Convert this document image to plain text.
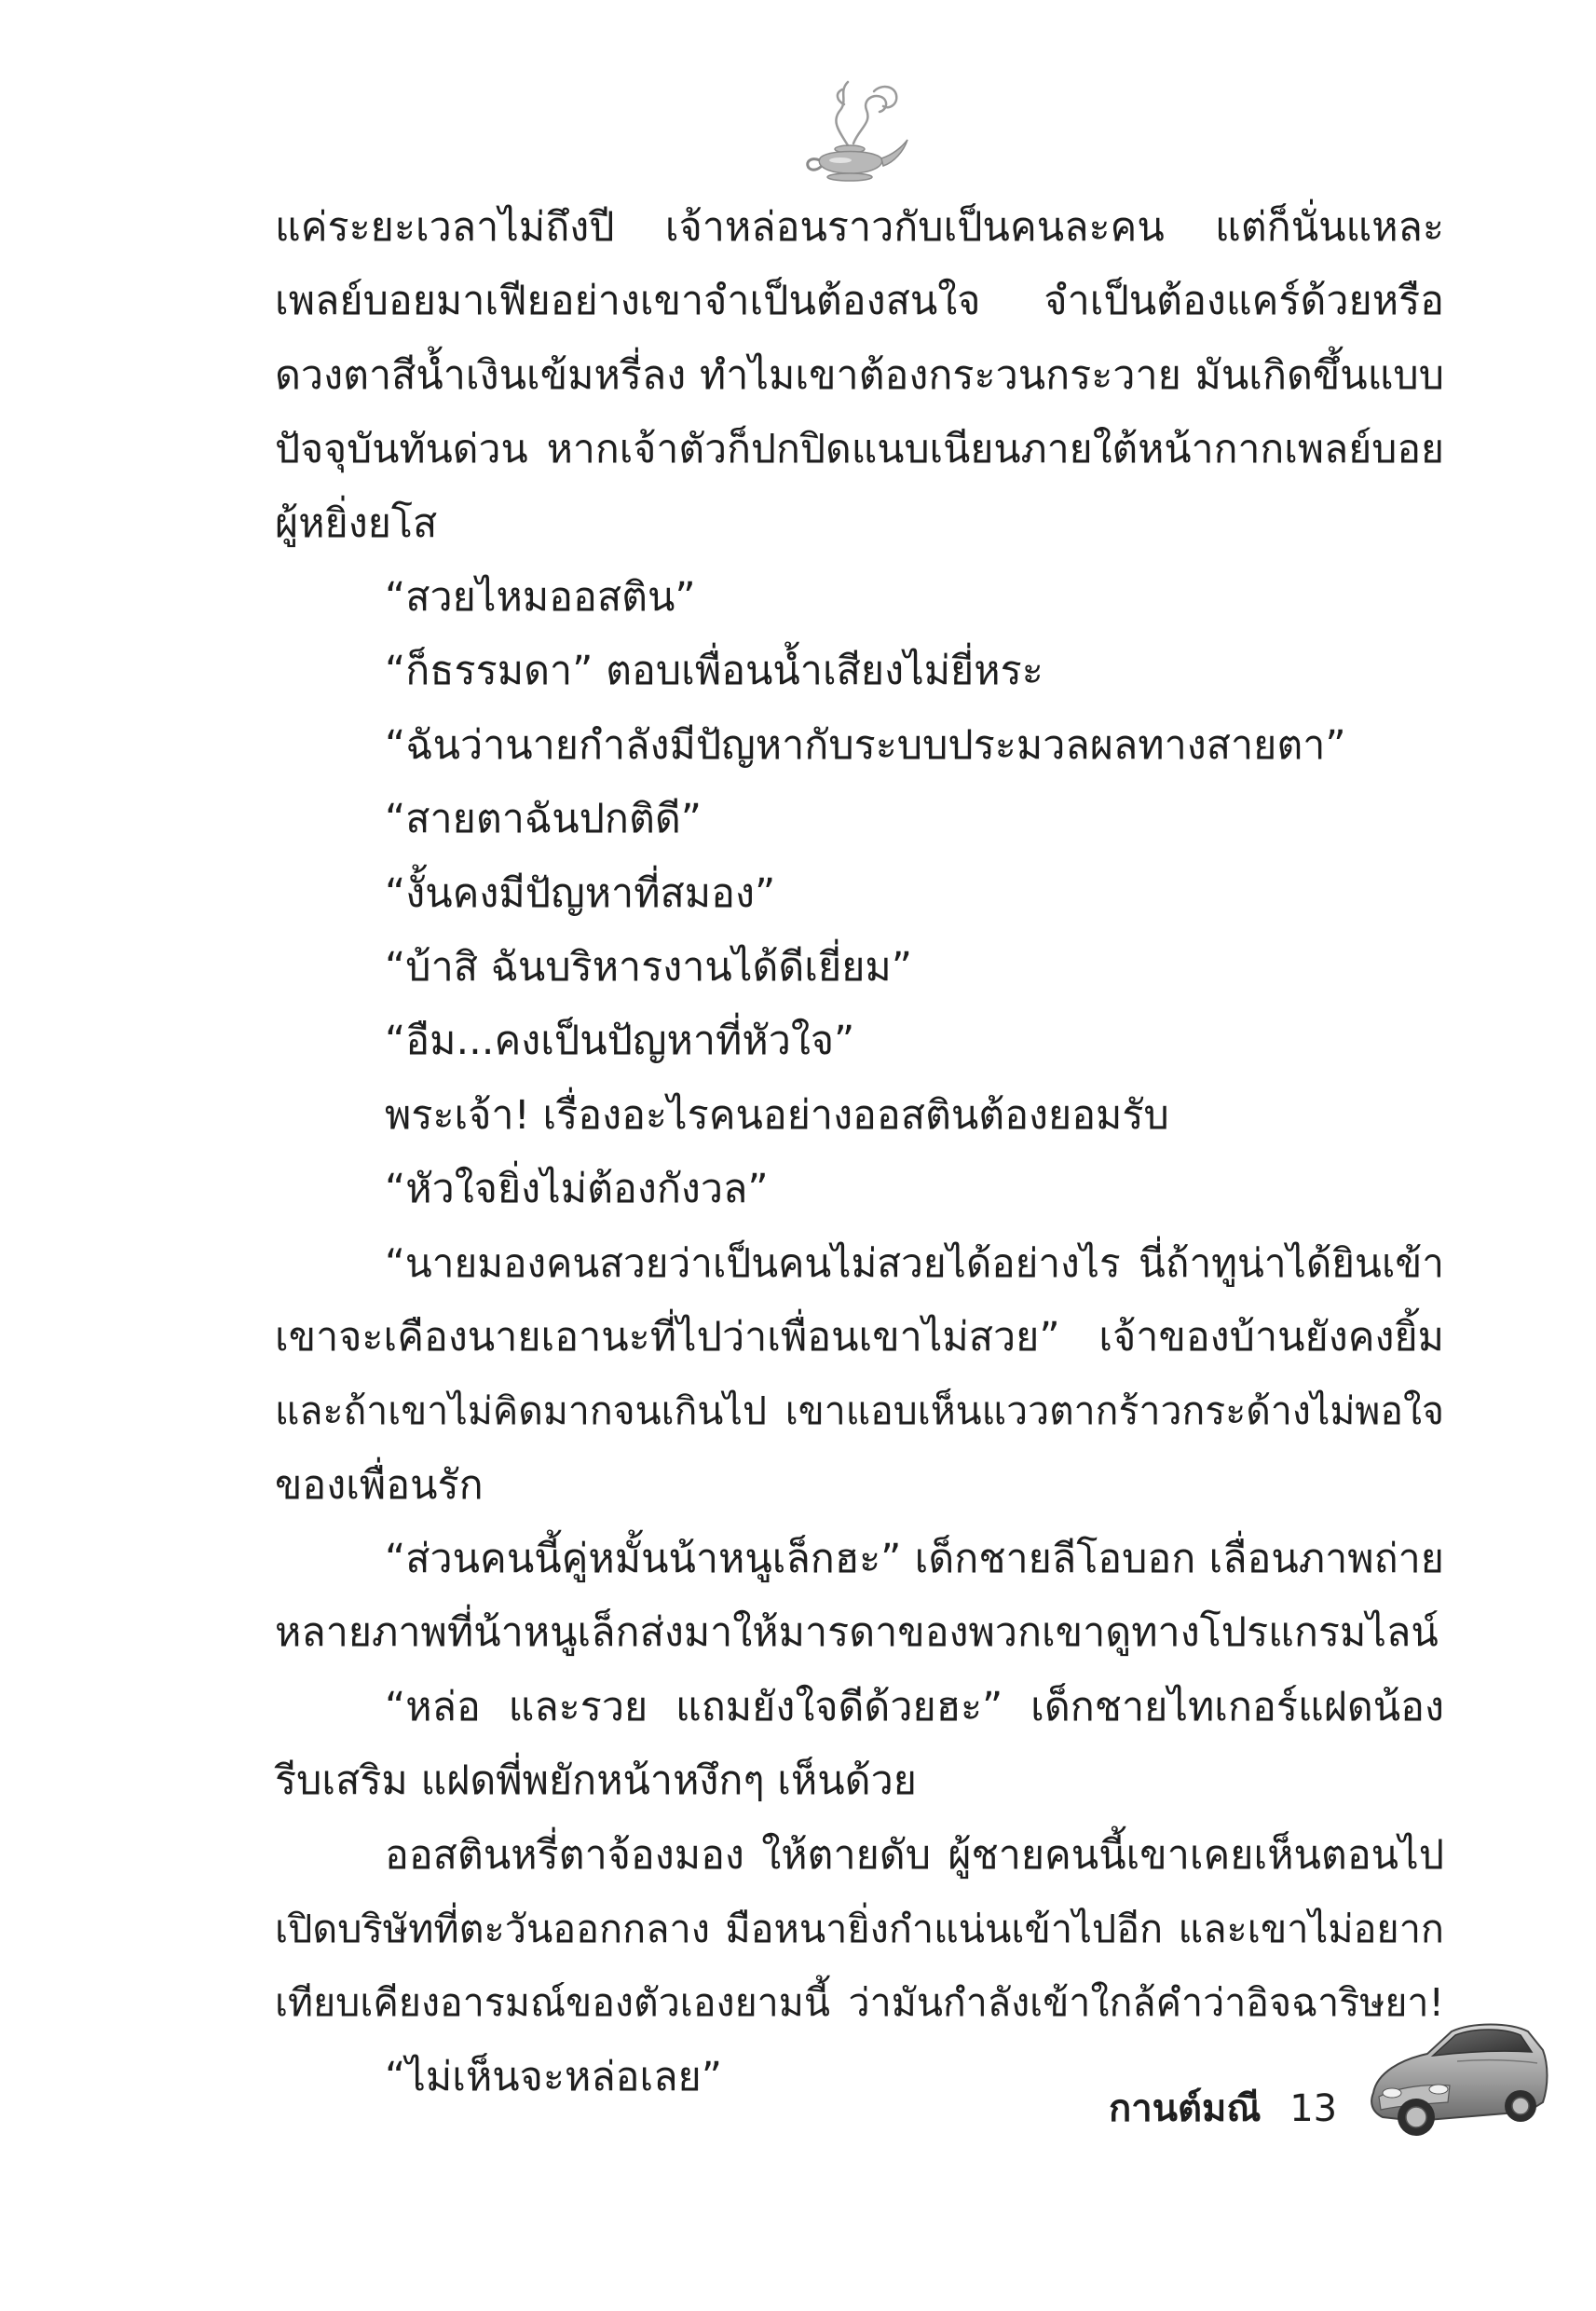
แค่ระยะเวลาไม่ถึงปี เจ้าหล่อนราวกับเป็นคนละคน แต่ก็นั่นแหละ
เพลย์บอยมาเฟียอย่างเขาจำเป็นต้องสนใจ จำเป็นต้องแคร์ด้วยหรือ
ดวงตาสีน้ำเงินเข้มหรี่ลง ทำไมเขาต้องกระวนกระวาย มันเกิดขึ้นแบบ
ปัจจุบันทันด่วน หากเจ้าตัวก็ปกปิดแนบเนียนภายใต้หน้ากากเพลย์บอย
ผู้หยิ่งยโส
“สวยไหมออสติน”
“ก็ธรรมดา” ตอบเพื่อนน้ำเสียงไม่ยี่หระ
“ฉันว่านายกำลังมีปัญหากับระบบประมวลผลทางสายตา”
“สายตาฉันปกติดี”
“งั้นคงมีปัญหาที่สมอง”
“บ้าสิ ฉันบริหารงานได้ดีเยี่ยม”
“อืม...คงเป็นปัญหาที่หัวใจ”
พระเจ้า! เรื่องอะไรคนอย่างออสตินต้องยอมรับ
“หัวใจยิ่งไม่ต้องกังวล”
“นายมองคนสวยว่าเป็นคนไม่สวยได้อย่างไร นี่ถ้าทูน่าได้ยินเข้า
เขาจะเคืองนายเอานะที่ไปว่าเพื่อนเขาไม่สวย” เจ้าของบ้านยังคงยิ้ม
และถ้าเขาไม่คิดมากจนเกินไป เขาแอบเห็นแววตากร้าวกระด้างไม่พอใจ
ของเพื่อนรัก
“ส่วนคนนี้คู่หมั้นน้าหนูเล็กฮะ” เด็กชายลีโอบอก เลื่อนภาพถ่าย
หลายภาพที่น้าหนูเล็กส่งมาให้มารดาของพวกเขาดูทางโปรแกรมไลน์
“หล่อ และรวย แถมยังใจดีด้วยฮะ” เด็กชายไทเกอร์แฝดน้อง
รีบเสริม แฝดพี่พยักหน้าหงึกๆ เห็นด้วย
ออสตินหรี่ตาจ้องมอง ให้ตายดับ ผู้ชายคนนี้เขาเคยเห็นตอนไป
เปิดบริษัทที่ตะวันออกกลาง มือหนายิ่งกำแน่นเข้าไปอีก และเขาไม่อยาก
เทียบเคียงอารมณ์ของตัวเองยามนี้ ว่ามันกำลังเข้าใกล้คำว่าอิจฉาริษยา!
“ไม่เห็นจะหล่อเลย”
กานต์มณี 13
